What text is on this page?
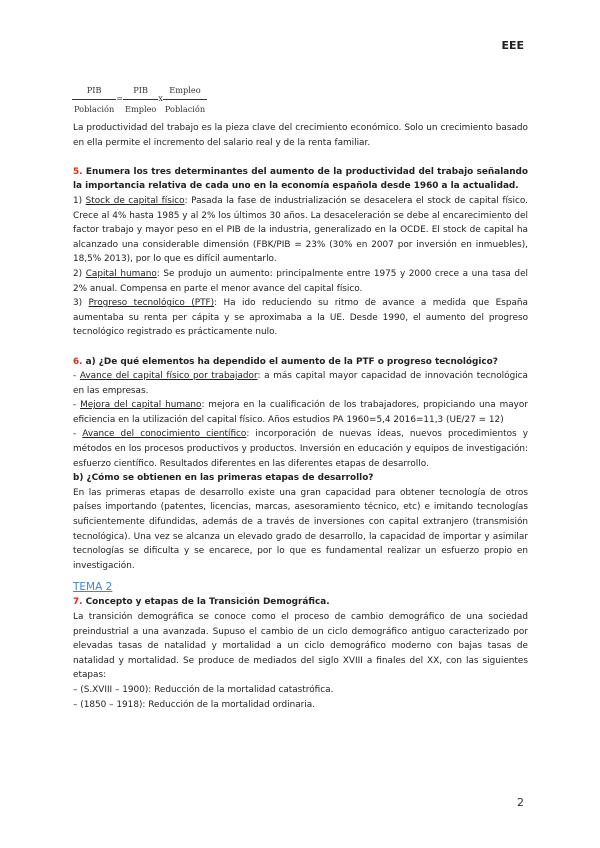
EEE
$\frac{\text{PIB}}{\text{Población}} = \frac{\text{PIB}}{\text{Empleo}}$ x $\frac{\text{Empleo}}{\text{Población}}$

La productividad del trabajo es la pieza clave del crecimiento económico. Solo un crecimiento basado en ella permite el incremento del salario real y de la renta familiar.

5. Enumera los tres determinantes del aumento de la productividad del trabajo señalando la importancia relativa de cada uno en la economía española desde 1960 a la actualidad.

1) Stock de capital físico: Pasada la fase de industrialización se desacelera el stock de capital físico. Crece al 4% hasta 1985 y al 2% los últimos 30 años. La desaceleración se debe al encarecimiento del factor trabajo y mayor peso en el PIB de la industria, generalizado en la OCDE. El stock de capital ha alcanzado una considerable dimensión (FBK/PIB = 23% (30% en 2007 por inversión en inmuebles), 18,5% 2013), por lo que es difícil aumentarlo.

2) Capital humano: Se produjo un aumento: principalmente entre 1975 y 2000 crece a una tasa del 2% anual. Compensa en parte el menor avance del capital físico.

3) Progreso tecnológico (PTF): Ha ido reduciendo su ritmo de avance a medida que España aumentaba su renta per cápita y se aproximaba a la UE. Desde 1990, el aumento del progreso tecnológico registrado es prácticamente nulo.

6. a) ¿De qué elementos ha dependido el aumento de la PTF o progreso tecnológico?

- Avance del capital físico por trabajador: a más capital mayor capacidad de innovación tecnológica en las empresas.

- Mejora del capital humano: mejora en la cualificación de los trabajadores, propiciando una mayor eficiencia en la utilización del capital físico. Años estudios PA 1960=5,4 2016=11,3 (UE/27 = 12)

- Avance del conocimiento científico: incorporación de nuevas ideas, nuevos procedimientos y métodos en los procesos productivos y productos. Inversión en educación y equipos de investigación: esfuerzo científico. Resultados diferentes en las diferentes etapas de desarrollo.

b) ¿Cómo se obtienen en las primeras etapas de desarrollo?

En las primeras etapas de desarrollo existe una gran capacidad para obtener tecnología de otros países importando (patentes, licencias, marcas, asesoramiento técnico, etc) e imitando tecnologías suficientemente difundidas, además de a través de inversiones con capital extranjero (transmisión tecnológica). Una vez se alcanza un elevado grado de desarrollo, la capacidad de importar y asimilar tecnologías se dificulta y se encarece, por lo que es fundamental realizar un esfuerzo propio en investigación.

TEMA 2

7. Concepto y etapas de la Transición Demográfica.

La transición demográfica se conoce como el proceso de cambio demográfico de una sociedad preindustrial a una avanzada. Supuso el cambio de un ciclo demográfico antiguo caracterizado por elevadas tasas de natalidad y mortalidad a un ciclo demográfico moderno con bajas tasas de natalidad y mortalidad. Se produce de mediados del siglo XVIII a finales del XX, con las siguientes etapas:

– (S.XVIII – 1900): Reducción de la mortalidad catastrófica.

– (1850 – 1918): Reducción de la mortalidad ordinaria.

2
